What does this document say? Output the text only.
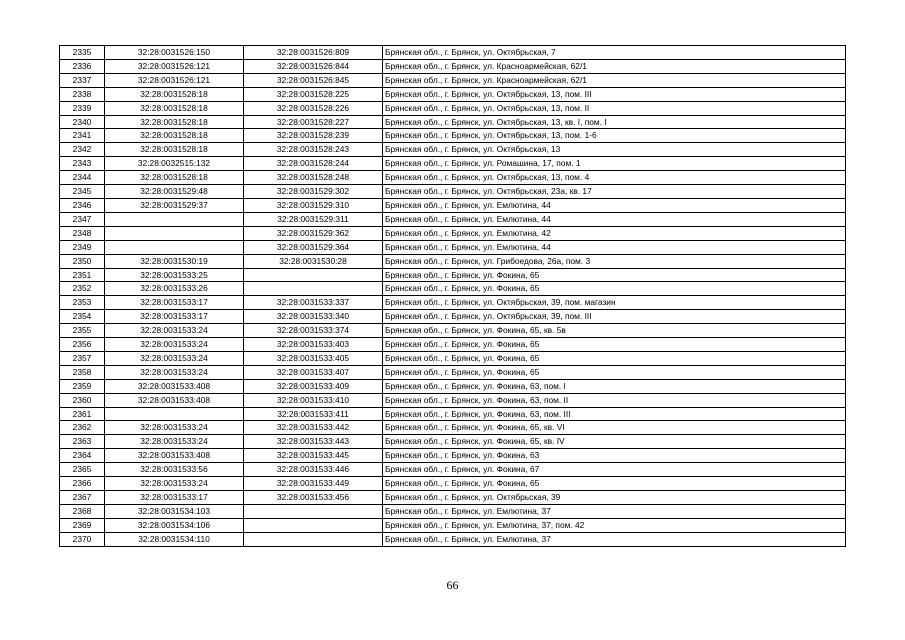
2335	32:28:0031526:150	32:28:0031526:809	Брянская обл., г. Брянск, ул. Октябрьская, 7
2336	32:28:0031526:121	32:28:0031526:844	Брянская обл., г. Брянск, ул. Красноармейская, 62/1
2337	32:28:0031526:121	32:28:0031526:845	Брянская обл., г. Брянск, ул. Красноармейская, 62/1
2338	32:28:0031528:18	32:28:0031528:225	Брянская обл., г. Брянск, ул. Октябрьская, 13, пом. III
2339	32:28:0031528:18	32:28:0031528:226	Брянская обл., г. Брянск, ул. Октябрьская, 13, пом. II
2340	32:28:0031528:18	32:28:0031528:227	Брянская обл., г. Брянск, ул. Октябрьская, 13, кв. I, пом. I
2341	32:28:0031528:18	32:28:0031528:239	Брянская обл., г. Брянск, ул. Октябрьская, 13, пом. 1-6
2342	32:28:0031528:18	32:28:0031528:243	Брянская обл., г. Брянск, ул. Октябрьская, 13
2343	32:28:0032515:132	32:28:0031528:244	Брянская обл., г. Брянск, ул. Ромашина, 17, пом. 1
2344	32:28:0031528:18	32:28:0031528:248	Брянская обл., г. Брянск, ул. Октябрьская, 13, пом. 4
2345	32:28:0031529:48	32:28:0031529:302	Брянская обл., г. Брянск, ул. Октябрьская, 23а, кв. 17
2346	32:28:0031529:37	32:28:0031529:310	Брянская обл., г. Брянск, ул. Емлютина, 44
2347		32:28:0031529:311	Брянская обл., г. Брянск, ул. Емлютина, 44
2348		32:28:0031529:362	Брянская обл., г. Брянск, ул. Емлютина, 42
2349		32:28:0031529:364	Брянская обл., г. Брянск, ул. Емлютина, 44
2350	32:28:0031530:19	32:28:0031530:28	Брянская обл., г. Брянск, ул. Грибоедова, 26а, пом. 3
2351	32:28:0031533:25		Брянская обл., г. Брянск, ул. Фокина, 65
2352	32:28:0031533:26		Брянская обл., г. Брянск, ул. Фокина, 65
2353	32:28:0031533:17	32:28:0031533:337	Брянская обл., г. Брянск, ул. Октябрьская, 39, пом. магазин
2354	32:28:0031533:17	32:28:0031533:340	Брянская обл., г. Брянск, ул. Октябрьская, 39, пом. III
2355	32:28:0031533:24	32:28:0031533:374	Брянская обл., г. Брянск, ул. Фокина, 65, кв. 5в
2356	32:28:0031533:24	32:28:0031533:403	Брянская обл., г. Брянск, ул. Фокина, 65
2357	32:28:0031533:24	32:28:0031533:405	Брянская обл., г. Брянск, ул. Фокина, 65
2358	32:28:0031533:24	32:28:0031533:407	Брянская обл., г. Брянск, ул. Фокина, 65
2359	32:28:0031533:408	32:28:0031533:409	Брянская обл., г. Брянск, ул. Фокина, 63, пом. I
2360	32:28:0031533:408	32:28:0031533:410	Брянская обл., г. Брянск, ул. Фокина, 63, пом. II
2361		32:28:0031533:411	Брянская обл., г. Брянск, ул. Фокина, 63, пом. III
2362	32:28:0031533:24	32:28:0031533:442	Брянская обл., г. Брянск, ул. Фокина, 65, кв. VI
2363	32:28:0031533:24	32:28:0031533:443	Брянская обл., г. Брянск, ул. Фокина, 65, кв. IV
2364	32:28:0031533:408	32:28:0031533:445	Брянская обл., г. Брянск, ул. Фокина, 63
2365	32:28:0031533:56	32:28:0031533:446	Брянская обл., г. Брянск, ул. Фокина, 67
2366	32:28:0031533:24	32:28:0031533:449	Брянская обл., г. Брянск, ул. Фокина, 65
2367	32:28:0031533:17	32:28:0031533:456	Брянская обл., г. Брянск, ул. Октябрьская, 39
2368	32:28:0031534:103		Брянская обл., г. Брянск, ул. Емлютина, 37
2369	32:28:0031534:106		Брянская обл., г. Брянск, ул. Емлютина, 37, пом. 42
2370	32:28:0031534:110		Брянская обл., г. Брянск, ул. Емлютина, 37
66
